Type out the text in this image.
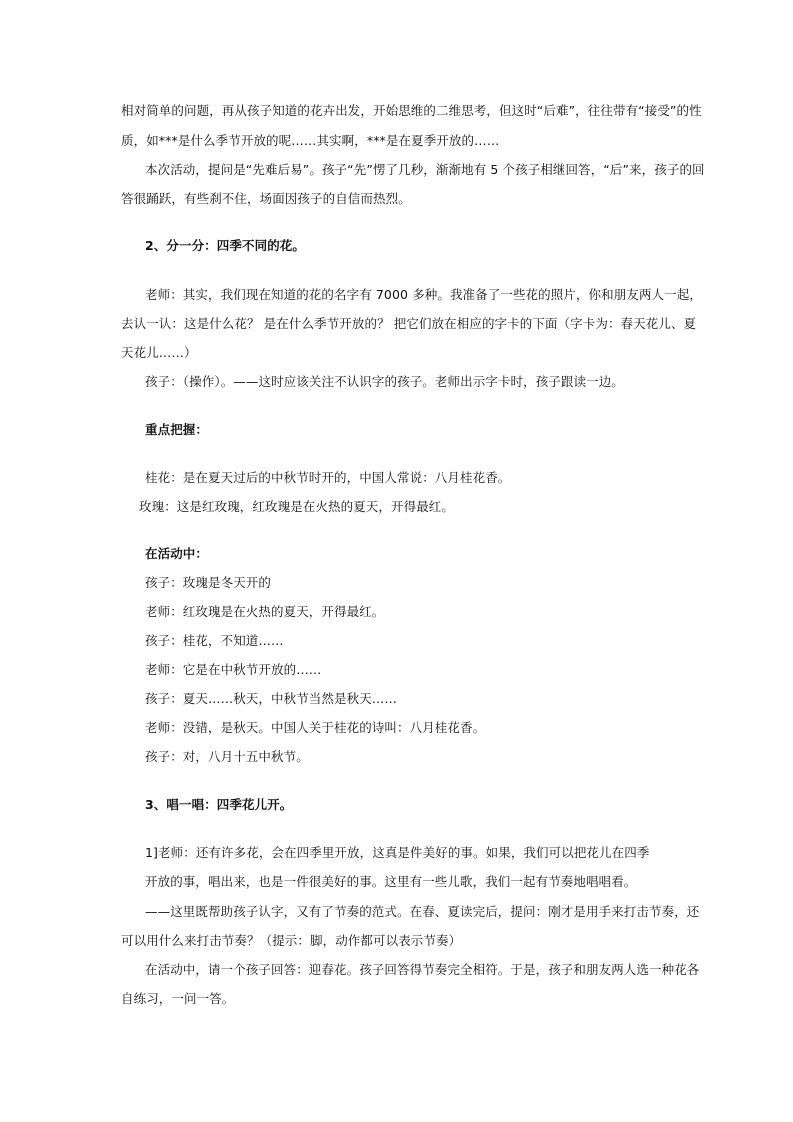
相对简单的问题，再从孩子知道的花卉出发，开始思维的二维思考，但这时“后难”，往往带有“接受”的性
质，如***是什么季节开放的呢……其实啊，***是在夏季开放的……
本次活动，提问是“先难后易”。孩子“先”愣了几秒，渐渐地有 5 个孩子相继回答，“后”来，孩子的回
答很踊跃，有些刹不住，场面因孩子的自信而热烈。
2、分一分：四季不同的花。
老师：其实，我们现在知道的花的名字有 7000 多种。我准备了一些花的照片，你和朋友两人一起，
去认一认：这是什么花？ 是在什么季节开放的？ 把它们放在相应的字卡的下面（字卡为：春天花儿、夏
天花儿……）
孩子：（操作）。——这时应该关注不认识字的孩子。老师出示字卡时，孩子跟读一边。
重点把握：
桂花：是在夏天过后的中秋节时开的，中国人常说：八月桂花香。
玫瑰：这是红玫瑰，红玫瑰是在火热的夏天，开得最红。
在活动中：
孩子：玫瑰是冬天开的
老师：红玫瑰是在火热的夏天，开得最红。
孩子：桂花，不知道……
老师：它是在中秋节开放的……
孩子：夏天……秋天，中秋节当然是秋天……
老师：没错，是秋天。中国人关于桂花的诗叫：八月桂花香。
孩子：对，八月十五中秋节。
3、唱一唱：四季花儿开。
1]老师：还有许多花，会在四季里开放，这真是件美好的事。如果，我们可以把花儿在四季
开放的事，唱出来，也是一件很美好的事。这里有一些儿歌，我们一起有节奏地唱唱看。
——这里既帮助孩子认字，又有了节奏的范式。在春、夏读完后，提问：刚才是用手来打击节奏，还
可以用什么来打击节奏？（提示：脚，动作都可以表示节奏）
在活动中，请一个孩子回答：迎春花。孩子回答得节奏完全相符。于是，孩子和朋友两人选一种花各
自练习，一问一答。
